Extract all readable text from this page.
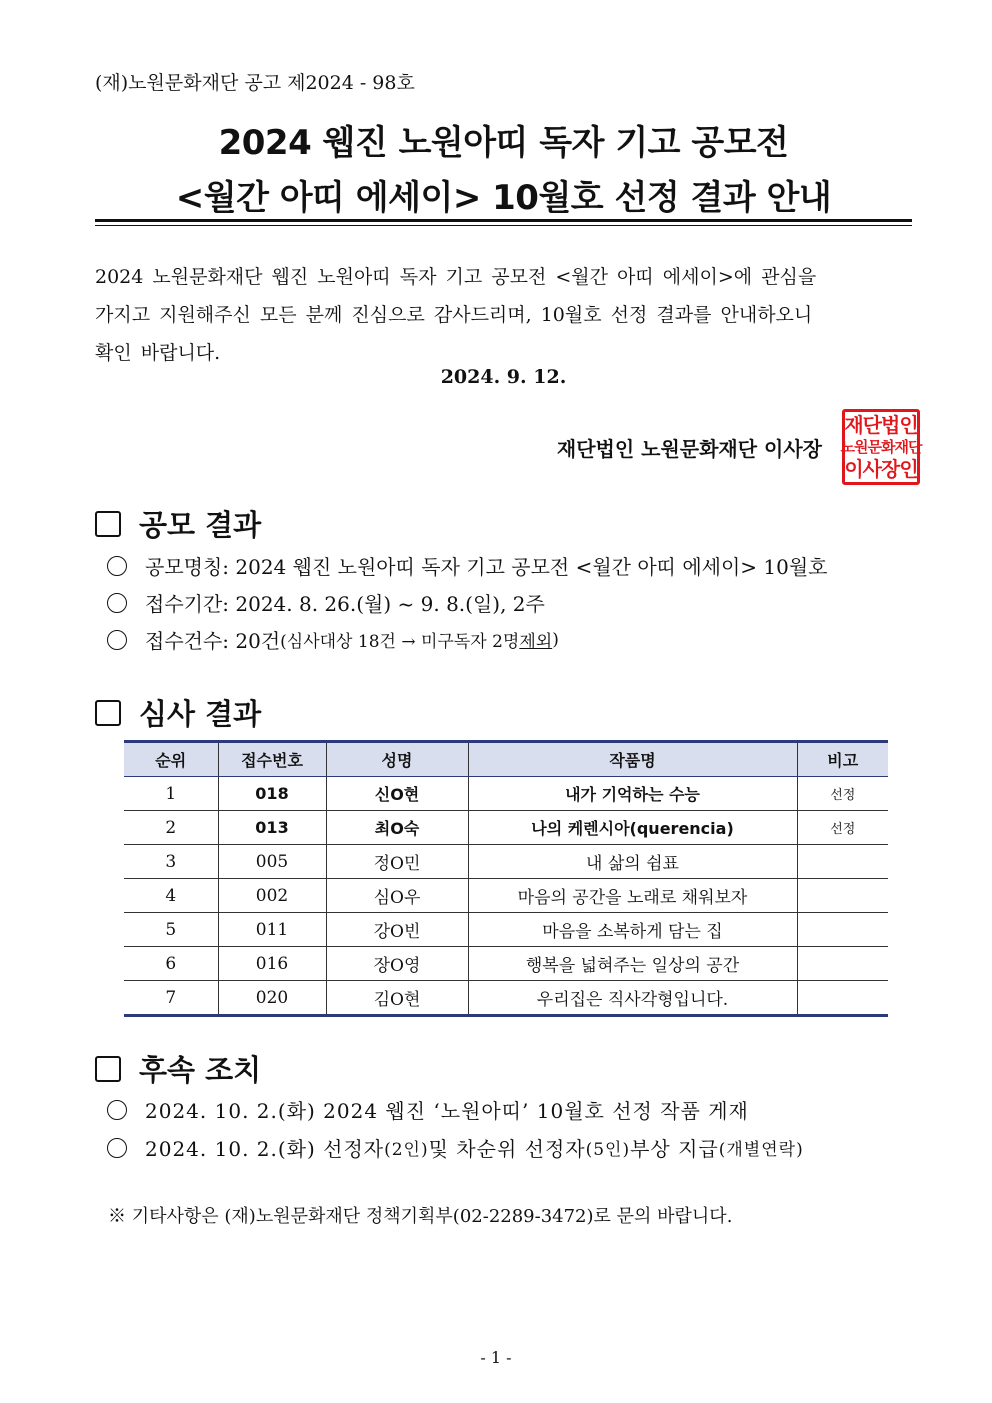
(재)노원문화재단 공고 제2024 - 98호
2024 웹진 노원아띠 독자 기고 공모전
<월간 아띠 에세이> 10월호 선정 결과 안내
2024 노원문화재단 웹진 노원아띠 독자 기고 공모전 <월간 아띠 에세이>에 관심을
가지고 지원해주신 모든 분께 진심으로 감사드리며, 10월호 선정 결과를 안내하오니
확인 바랍니다.
2024. 9. 12.
재단법인 노원문화재단 이사장
재단법인
노원문화재단
이사장인
공모 결과
공모명칭: 2024 웹진 노원아띠 독자 기고 공모전 <월간 아띠 에세이> 10월호
접수기간: 2024. 8. 26.(월) ~ 9. 8.(일), 2주
접수건수: 20건 (심사대상 18건 → 미구독자 2명 제외 )
심사 결과
순위	접수번호	성명	작품명	비고
1	018	신O현	내가 기억하는 수능	선정
2	013	최O숙	나의 케렌시아(querencia)	선정
3	005	정O민	내 삶의 쉼표	
4	002	심O우	마음의 공간을 노래로 채워보자	
5	011	강O빈	마음을 소복하게 담는 집	
6	016	장O영	행복을 넓혀주는 일상의 공간	
7	020	김O현	우리집은 직사각형입니다.	
후속 조치
2024. 10. 2.(화) 2024 웹진 ‘노원아띠’ 10월호 선정 작품 게재
2024. 10. 2.(화) 선정자 (2인) 및 차순위 선정자 (5인) 부상 지급 (개별연락)
※ 기타사항은 (재)노원문화재단 정책기획부(02-2289-3472)로 문의 바랍니다.
- 1 -
